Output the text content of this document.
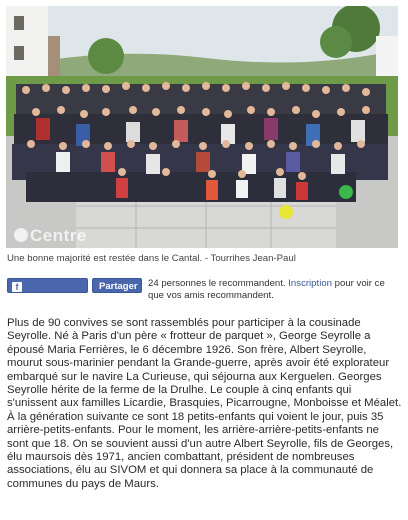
Centre
Une bonne majorité est restée dans le Cantal. - Tourrihes Jean-Paul
fRecommander
Partager	24 personnes le recommandent. Inscription pour voir ce que vos amis recommandent.
Plus de 90 convives se sont rassemblés pour participer à la cousinade Seyrolle. Né à Paris d'un père « frotteur de parquet », George Seyrolle a épousé Maria Ferrières, le 6 décembre 1926. Son frère, Albert Seyrolle, mourut sous-marinier pendant la Grande-guerre, après avoir été explorateur embarqué sur le navire La Curieuse, qui séjourna aux Kerguelen. Georges Seyrolle hérite de la ferme de la Drulhe. Le couple à cinq enfants qui s'unissent aux familles Licardie, Brasquies, Picarrougne, Monboisse et Méalet. À la génération suivante ce sont 18 petits-enfants qui voient le jour, puis 35 arrière-petits-enfants. Pour le moment, les arrière-arrière-petits-enfants ne sont que 18. On se souvient aussi d'un autre Albert Seyrolle, fils de Georges, élu maursois dès 1971, ancien combattant, président de nombreuses associations, élu au SIVOM et qui donnera sa place à la communauté de communes du pays de Maurs.
